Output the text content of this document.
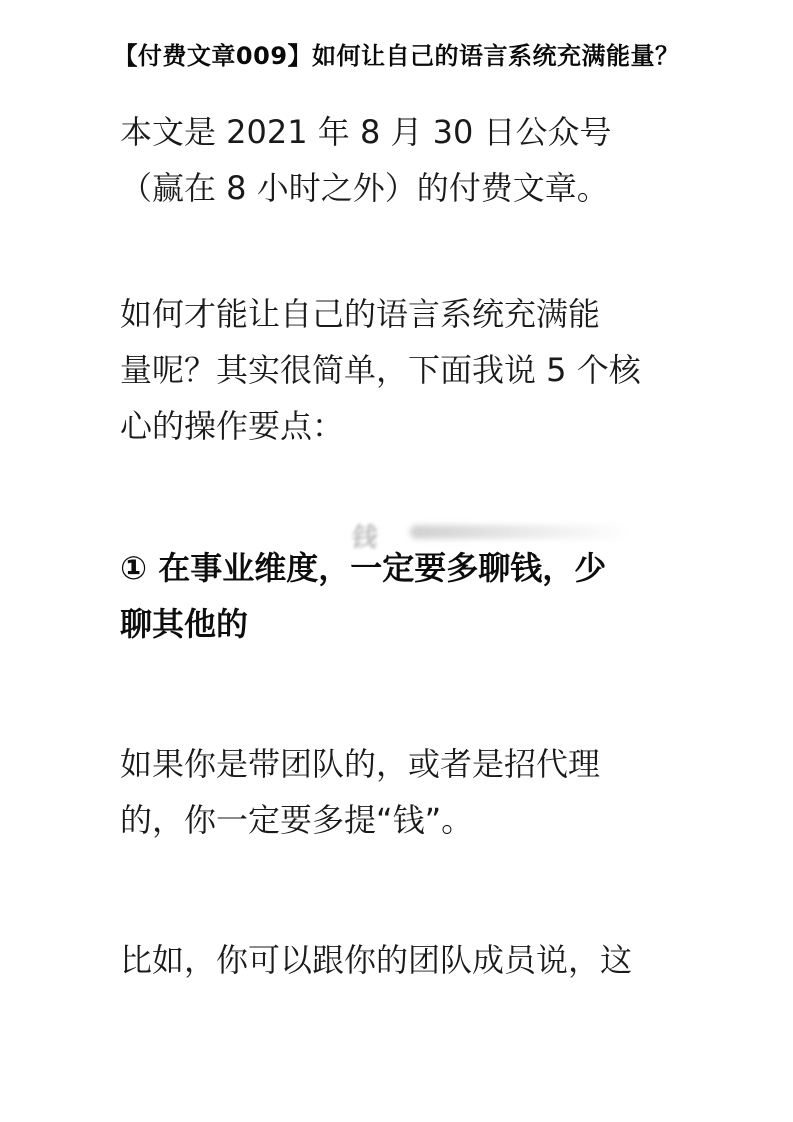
【付费文章009】如何让自己的语言系统充满能量？

本文是 2021 年 8 月 30 日公众号
（赢在 8 小时之外）的付费文章。

如何才能让自己的语言系统充满能
量呢？其实很简单，下面我说 5 个核
心的操作要点：

① 在事业维度，一定要多聊钱，少
聊其他的

如果你是带团队的，或者是招代理
的，你一定要多提“钱”。

比如，你可以跟你的团队成员说，这

钱
